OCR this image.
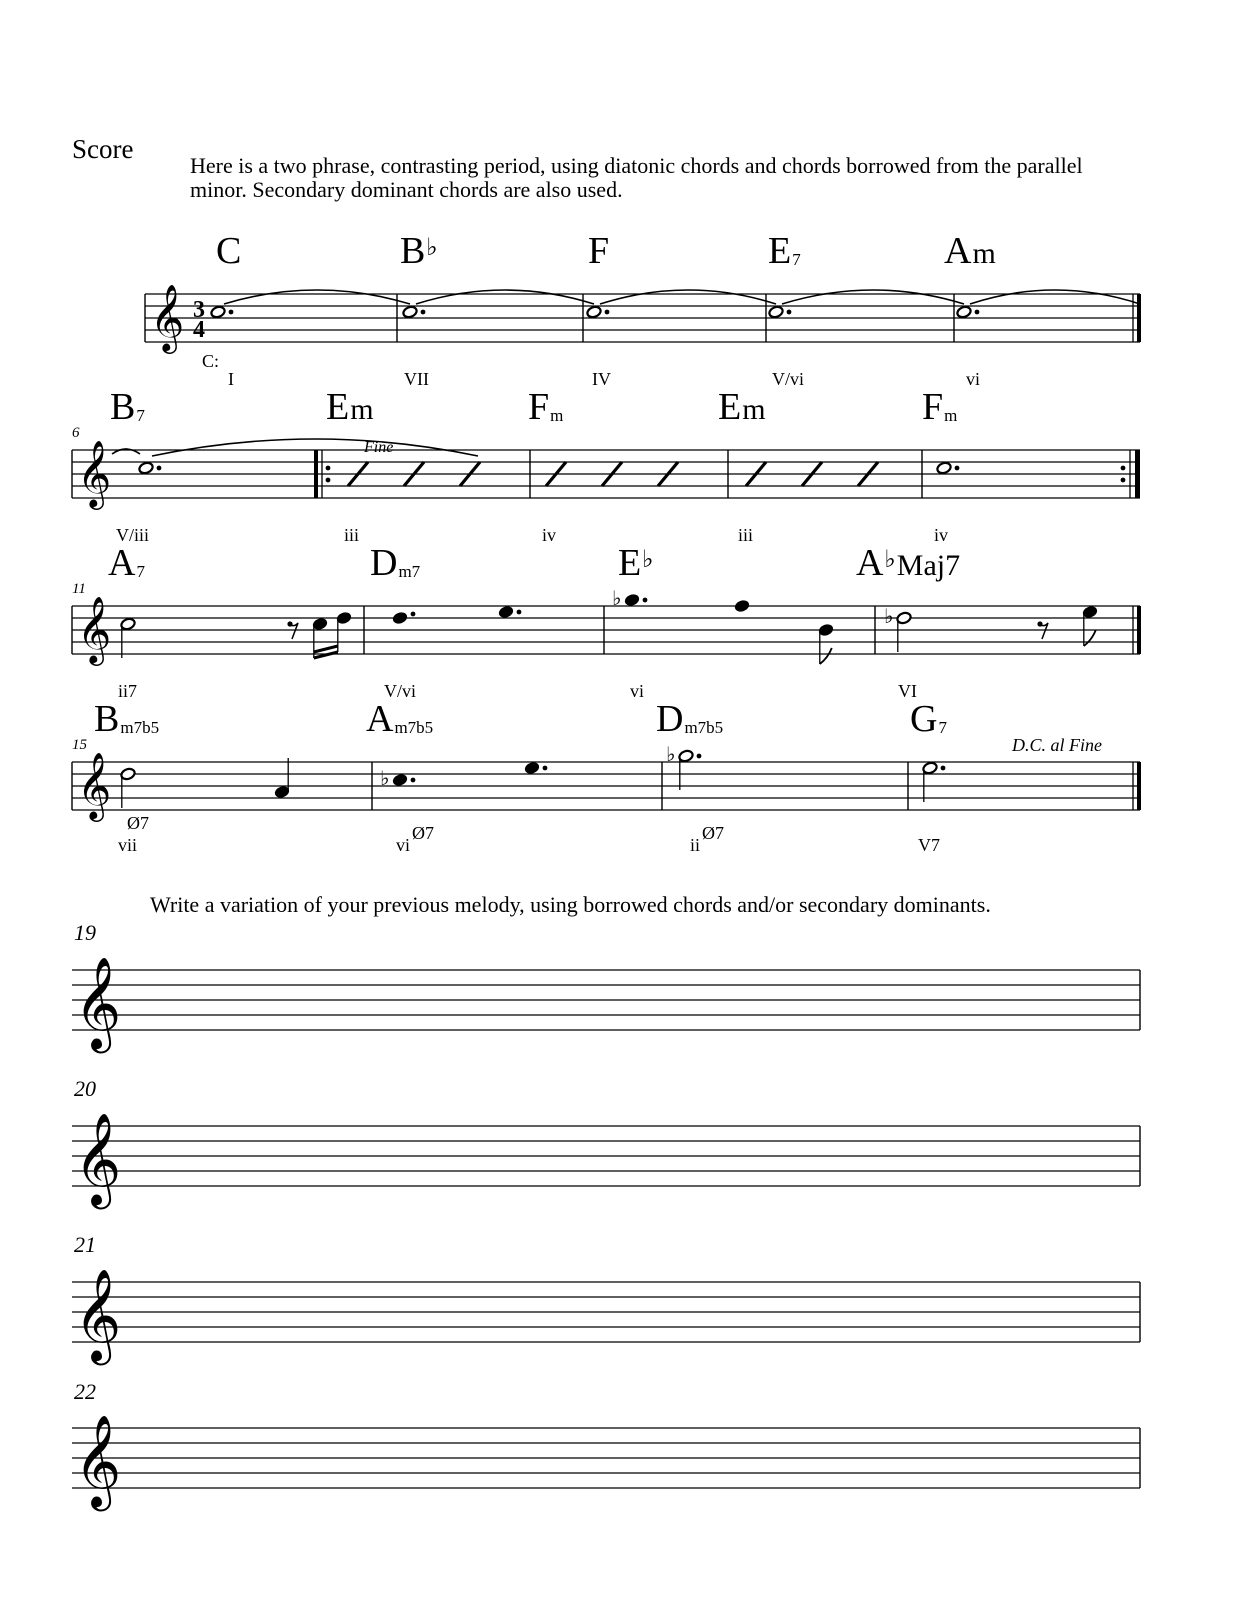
𝄞
𝄞
𝄞	♭
♭
𝄞	♭
♭
𝄞
𝄞
𝄞
𝄞
Score
Here is a two phrase, contrasting period, using diatonic chords and chords borrowed from the parallel minor. Secondary dominant chords are also used.
Write a variation of your previous melody, using borrowed chords and/or secondary dominants.
C:
6
11
15
19
20
21
22
Fine
D.C. al Fine
C	B♭	F	$E_7$	Am
I	VII	IV	V/vi	vi
$B_7$	Em	$F_m$	Em	$F_m$
V/iii	iii	iv	iii	iv
$A_7$	$D_{m7}$	E♭	A♭Maj7
ii7	V/vi	vi	VI
$B_{m7b5}$	$A_{m7b5}$	$D_{m7b5}$	$G_7$
viiØ7
viØ7
iiØ7
V7
3
4
